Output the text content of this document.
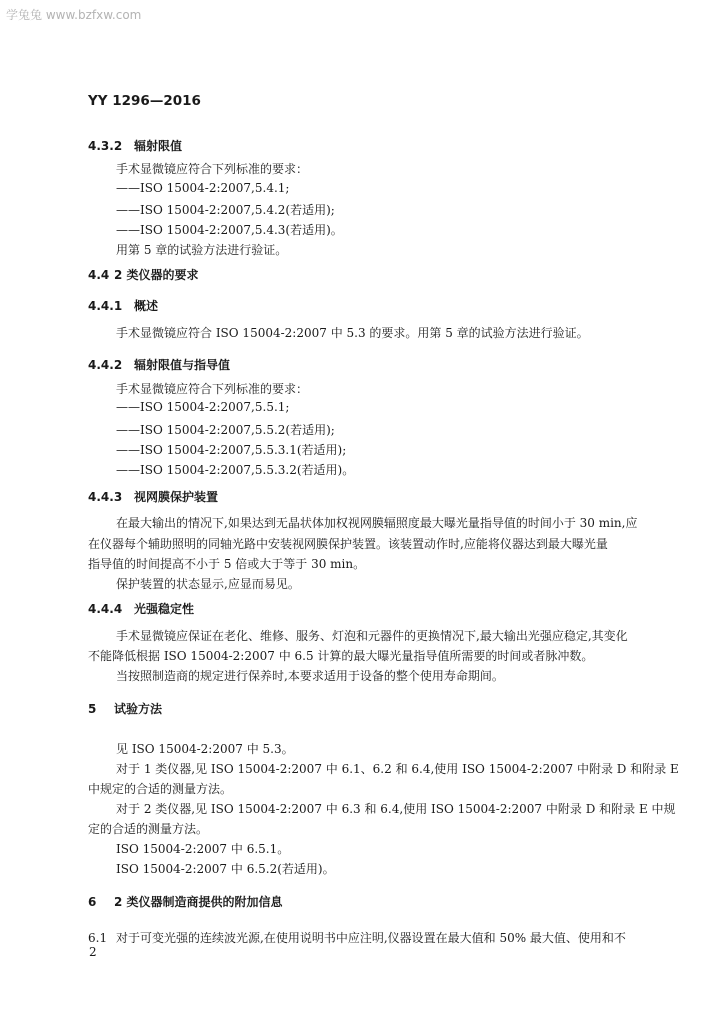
学兔兔 www.bzfxw.com
YY 1296—2016
4.3.2 辐射限值
手术显微镜应符合下列标准的要求：
——ISO 15004-2:2007,5.4.1;
——ISO 15004-2:2007,5.4.2(若适用);
——ISO 15004-2:2007,5.4.3(若适用)。
用第 5 章的试验方法进行验证。
4.4 2 类仪器的要求
4.4.1 概述
手术显微镜应符合 ISO 15004-2:2007 中 5.3 的要求。用第 5 章的试验方法进行验证。
4.4.2 辐射限值与指导值
手术显微镜应符合下列标准的要求：
——ISO 15004-2:2007,5.5.1;
——ISO 15004-2:2007,5.5.2(若适用);
——ISO 15004-2:2007,5.5.3.1(若适用);
——ISO 15004-2:2007,5.5.3.2(若适用)。
4.4.3 视网膜保护装置
在最大输出的情况下,如果达到无晶状体加权视网膜辐照度最大曝光量指导值的时间小于 30 min,应
在仪器每个辅助照明的同轴光路中安装视网膜保护装置。该装置动作时,应能将仪器达到最大曝光量
指导值的时间提高不小于 5 倍或大于等于 30 min。
保护装置的状态显示,应显而易见。
4.4.4 光强稳定性
手术显微镜应保证在老化、维修、服务、灯泡和元器件的更换情况下,最大输出光强应稳定,其变化
不能降低根据 ISO 15004-2:2007 中 6.5 计算的最大曝光量指导值所需要的时间或者脉冲数。
当按照制造商的规定进行保养时,本要求适用于设备的整个使用寿命期间。
5 试验方法
见 ISO 15004-2:2007 中 5.3。
对于 1 类仪器,见 ISO 15004-2:2007 中 6.1、6.2 和 6.4,使用 ISO 15004-2:2007 中附录 D 和附录 E
中规定的合适的测量方法。
对于 2 类仪器,见 ISO 15004-2:2007 中 6.3 和 6.4,使用 ISO 15004-2:2007 中附录 D 和附录 E 中规
定的合适的测量方法。
ISO 15004-2:2007 中 6.5.1。
ISO 15004-2:2007 中 6.5.2(若适用)。
6 2 类仪器制造商提供的附加信息
6.1 对于可变光强的连续波光源,在使用说明书中应注明,仪器设置在最大值和 50% 最大值、使用和不
2
